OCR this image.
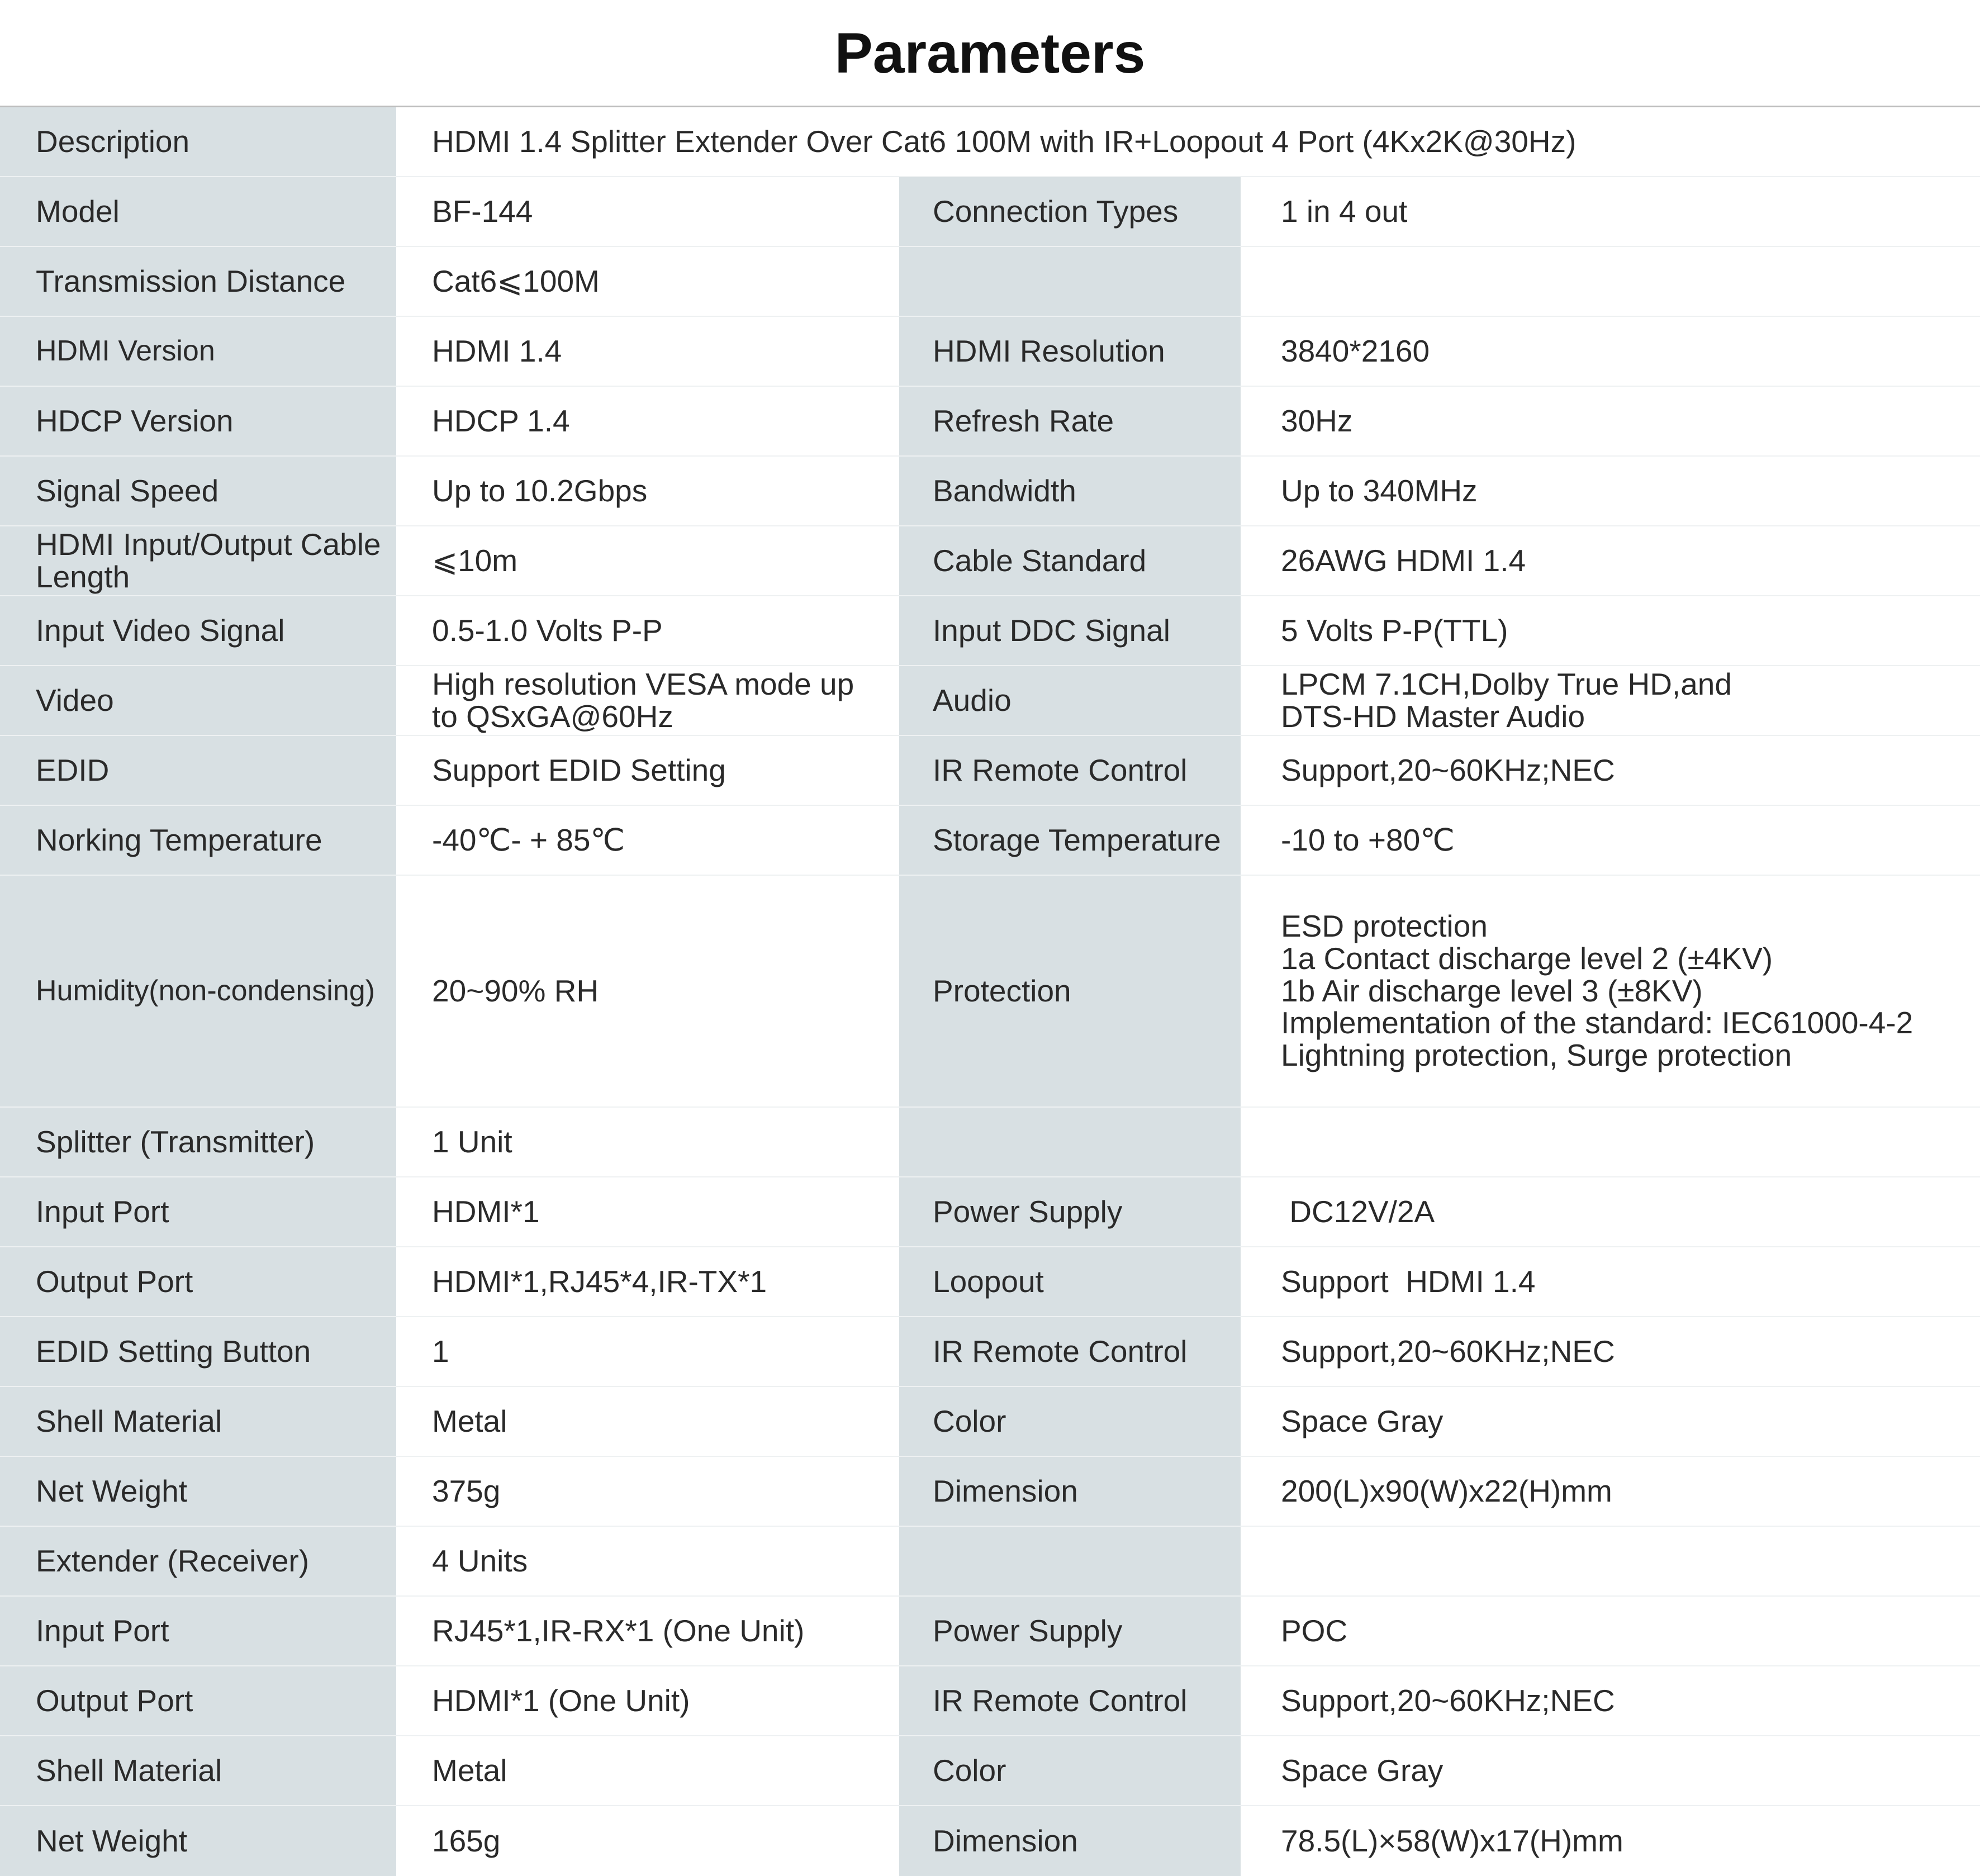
Parameters
Description	HDMI 1.4 Splitter Extender Over Cat6 100M with IR+Loopout 4 Port (4Kx2K@30Hz)
Model	BF-144	Connection Types	1 in 4 out
Transmission Distance	Cat6⩽100M
HDMI Version	HDMI 1.4	HDMI Resolution	3840*2160
HDCP Version	HDCP 1.4	Refresh Rate	30Hz
Signal Speed	Up to 10.2Gbps	Bandwidth	Up to 340MHz
HDMI Input/Output Cable
Length	⩽10m	Cable Standard	26AWG HDMI 1.4
Input Video Signal	0.5-1.0 Volts P-P	Input DDC Signal	5 Volts P-P(TTL)
Video	High resolution VESA mode up
to QSxGA@60Hz	Audio	LPCM 7.1CH,Dolby True HD,and
DTS-HD Master Audio
EDID	Support EDID Setting	IR Remote Control	Support,20~60KHz;NEC
Norking Temperature	-40℃- + 85℃	Storage Temperature	-10 to +80℃
Humidity(non-condensing)	20~90% RH	Protection
ESD protection
1a Contact discharge level 2 (±4KV)
1b Air discharge level 3 (±8KV)
Implementation of the standard: IEC61000-4-2
Lightning protection, Surge protection
Splitter (Transmitter)	1 Unit
Input Port	HDMI*1	Power Supply	DC12V/2A
Output Port	HDMI*1,RJ45*4,IR-TX*1	Loopout	Support  HDMI 1.4
EDID Setting Button	1	IR Remote Control	Support,20~60KHz;NEC
Shell Material	Metal	Color	Space Gray
Net Weight	375g	Dimension	200(L)x90(W)x22(H)mm
Extender (Receiver)	4 Units
Input Port	RJ45*1,IR-RX*1 (One Unit)	Power Supply	POC
Output Port	HDMI*1 (One Unit)	IR Remote Control	Support,20~60KHz;NEC
Shell Material	Metal	Color	Space Gray
Net Weight	165g	Dimension	78.5(L)×58(W)x17(H)mm
